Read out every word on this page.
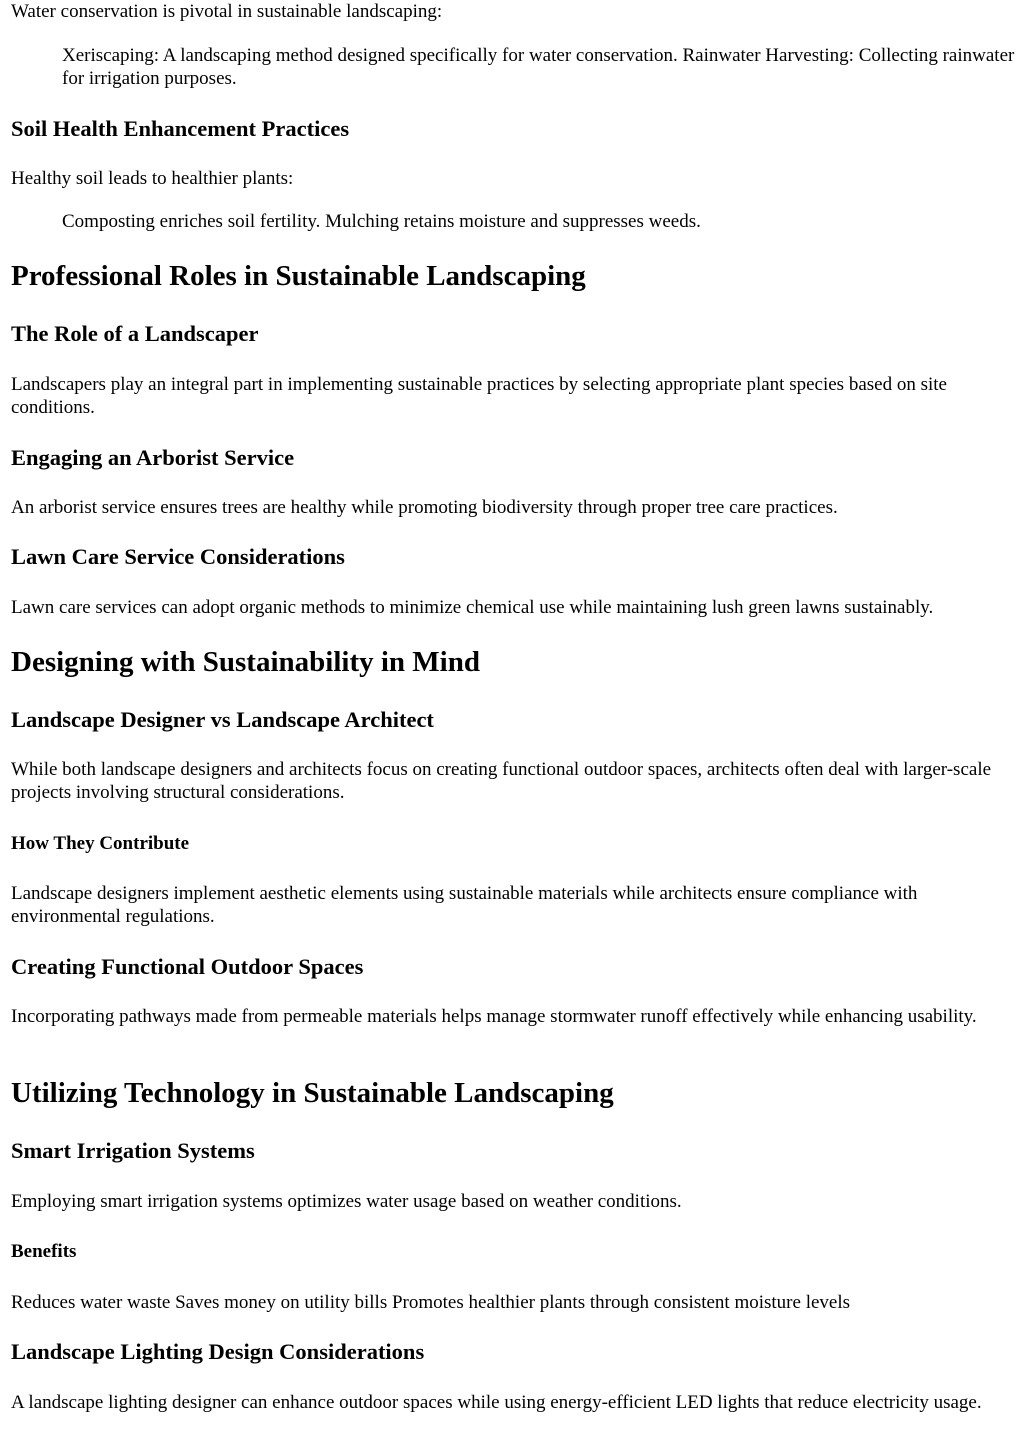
Water conservation is pivotal in sustainable landscaping:

Xeriscaping: A landscaping method designed specifically for water conservation. Rainwater Harvesting: Collecting rainwater for irrigation purposes.

Soil Health Enhancement Practices

Healthy soil leads to healthier plants:

Composting enriches soil fertility. Mulching retains moisture and suppresses weeds.

Professional Roles in Sustainable Landscaping
The Role of a Landscaper

Landscapers play an integral part in implementing sustainable practices by selecting appropriate plant species based on site conditions.

Engaging an Arborist Service

An arborist service ensures trees are healthy while promoting biodiversity through proper tree care practices.

Lawn Care Service Considerations

Lawn care services can adopt organic methods to minimize chemical use while maintaining lush green lawns sustainably.

Designing with Sustainability in Mind
Landscape Designer vs Landscape Architect

While both landscape designers and architects focus on creating functional outdoor spaces, architects often deal with larger-scale projects involving structural considerations.

How They Contribute

Landscape designers implement aesthetic elements using sustainable materials while architects ensure compliance with environmental regulations.

Creating Functional Outdoor Spaces

Incorporating pathways made from permeable materials helps manage stormwater runoff effectively while enhancing usability.

Utilizing Technology in Sustainable Landscaping
Smart Irrigation Systems

Employing smart irrigation systems optimizes water usage based on weather conditions.

Benefits

Reduces water waste Saves money on utility bills Promotes healthier plants through consistent moisture levels

Landscape Lighting Design Considerations

A landscape lighting designer can enhance outdoor spaces while using energy-efficient LED lights that reduce electricity usage.
